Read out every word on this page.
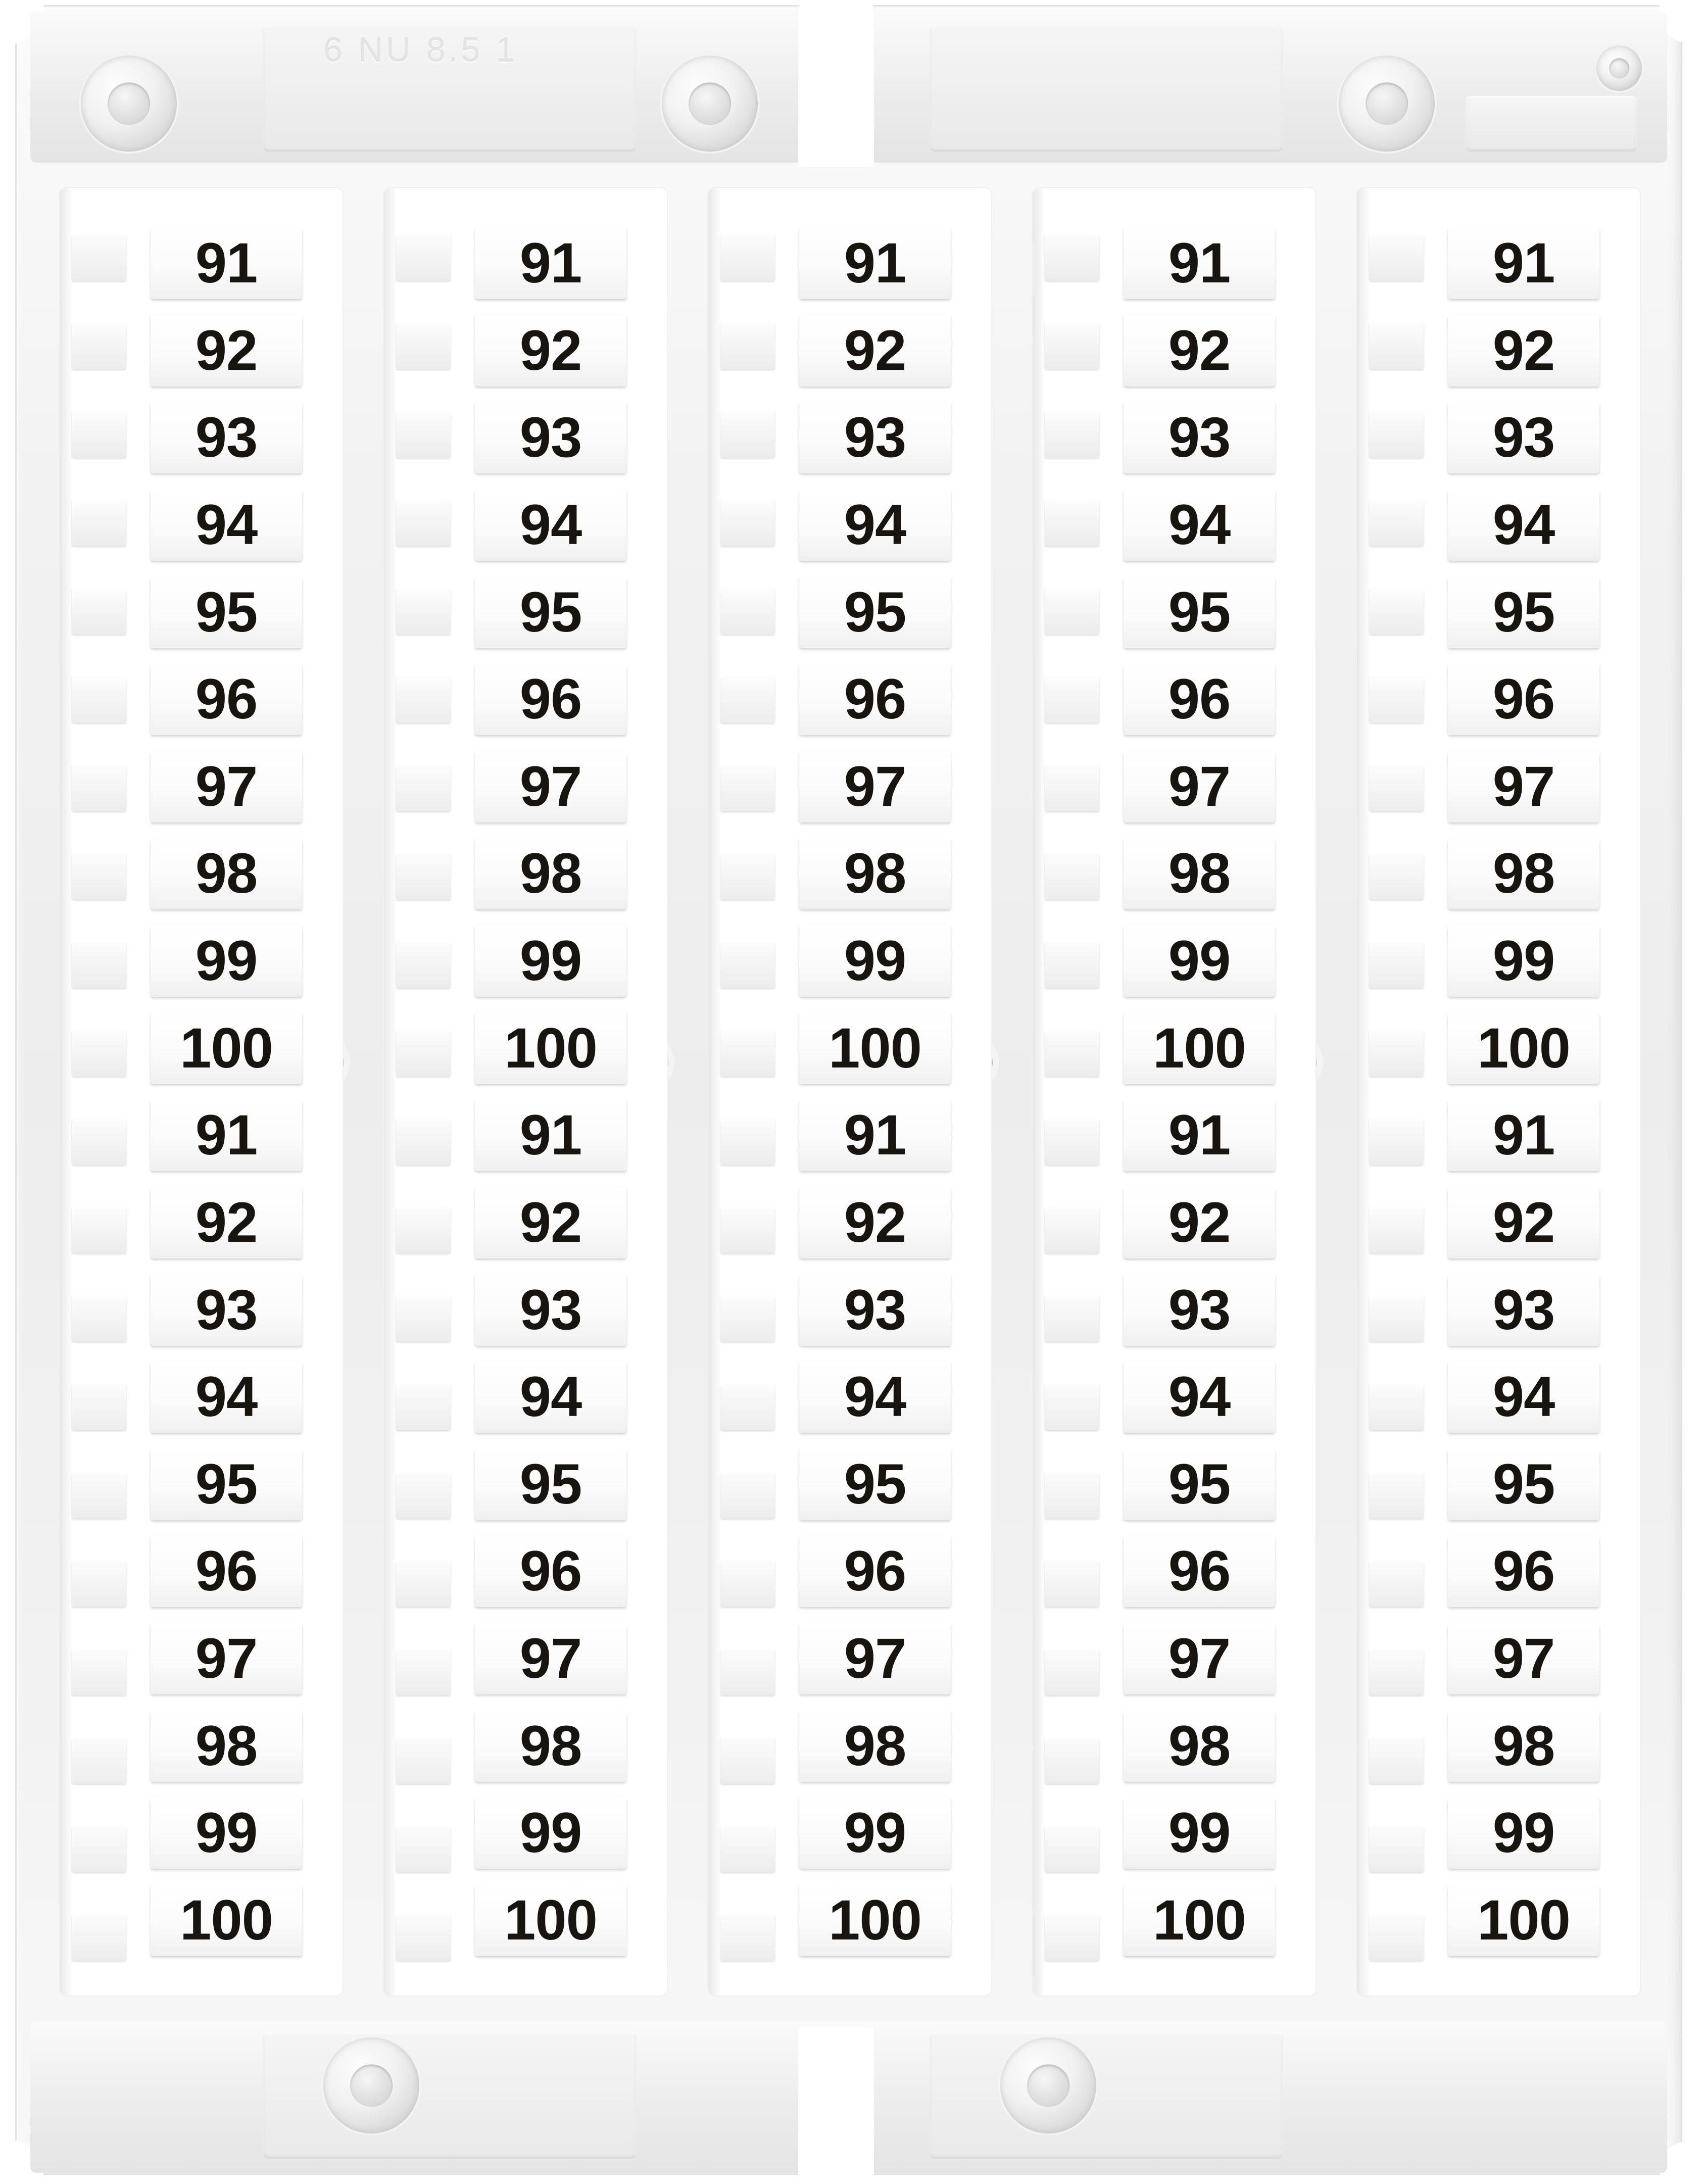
6 NU 8.5 1
91
92
93
94
95
96
97
98
99
100
91
92
93
94
95
96
97
98
99
100
91
92
93
94
95
96
97
98
99
100
91
92
93
94
95
96
97
98
99
100
91
92
93
94
95
96
97
98
99
100
91
92
93
94
95
96
97
98
99
100
91
92
93
94
95
96
97
98
99
100
91
92
93
94
95
96
97
98
99
100
91
92
93
94
95
96
97
98
99
100
91
92
93
94
95
96
97
98
99
100
